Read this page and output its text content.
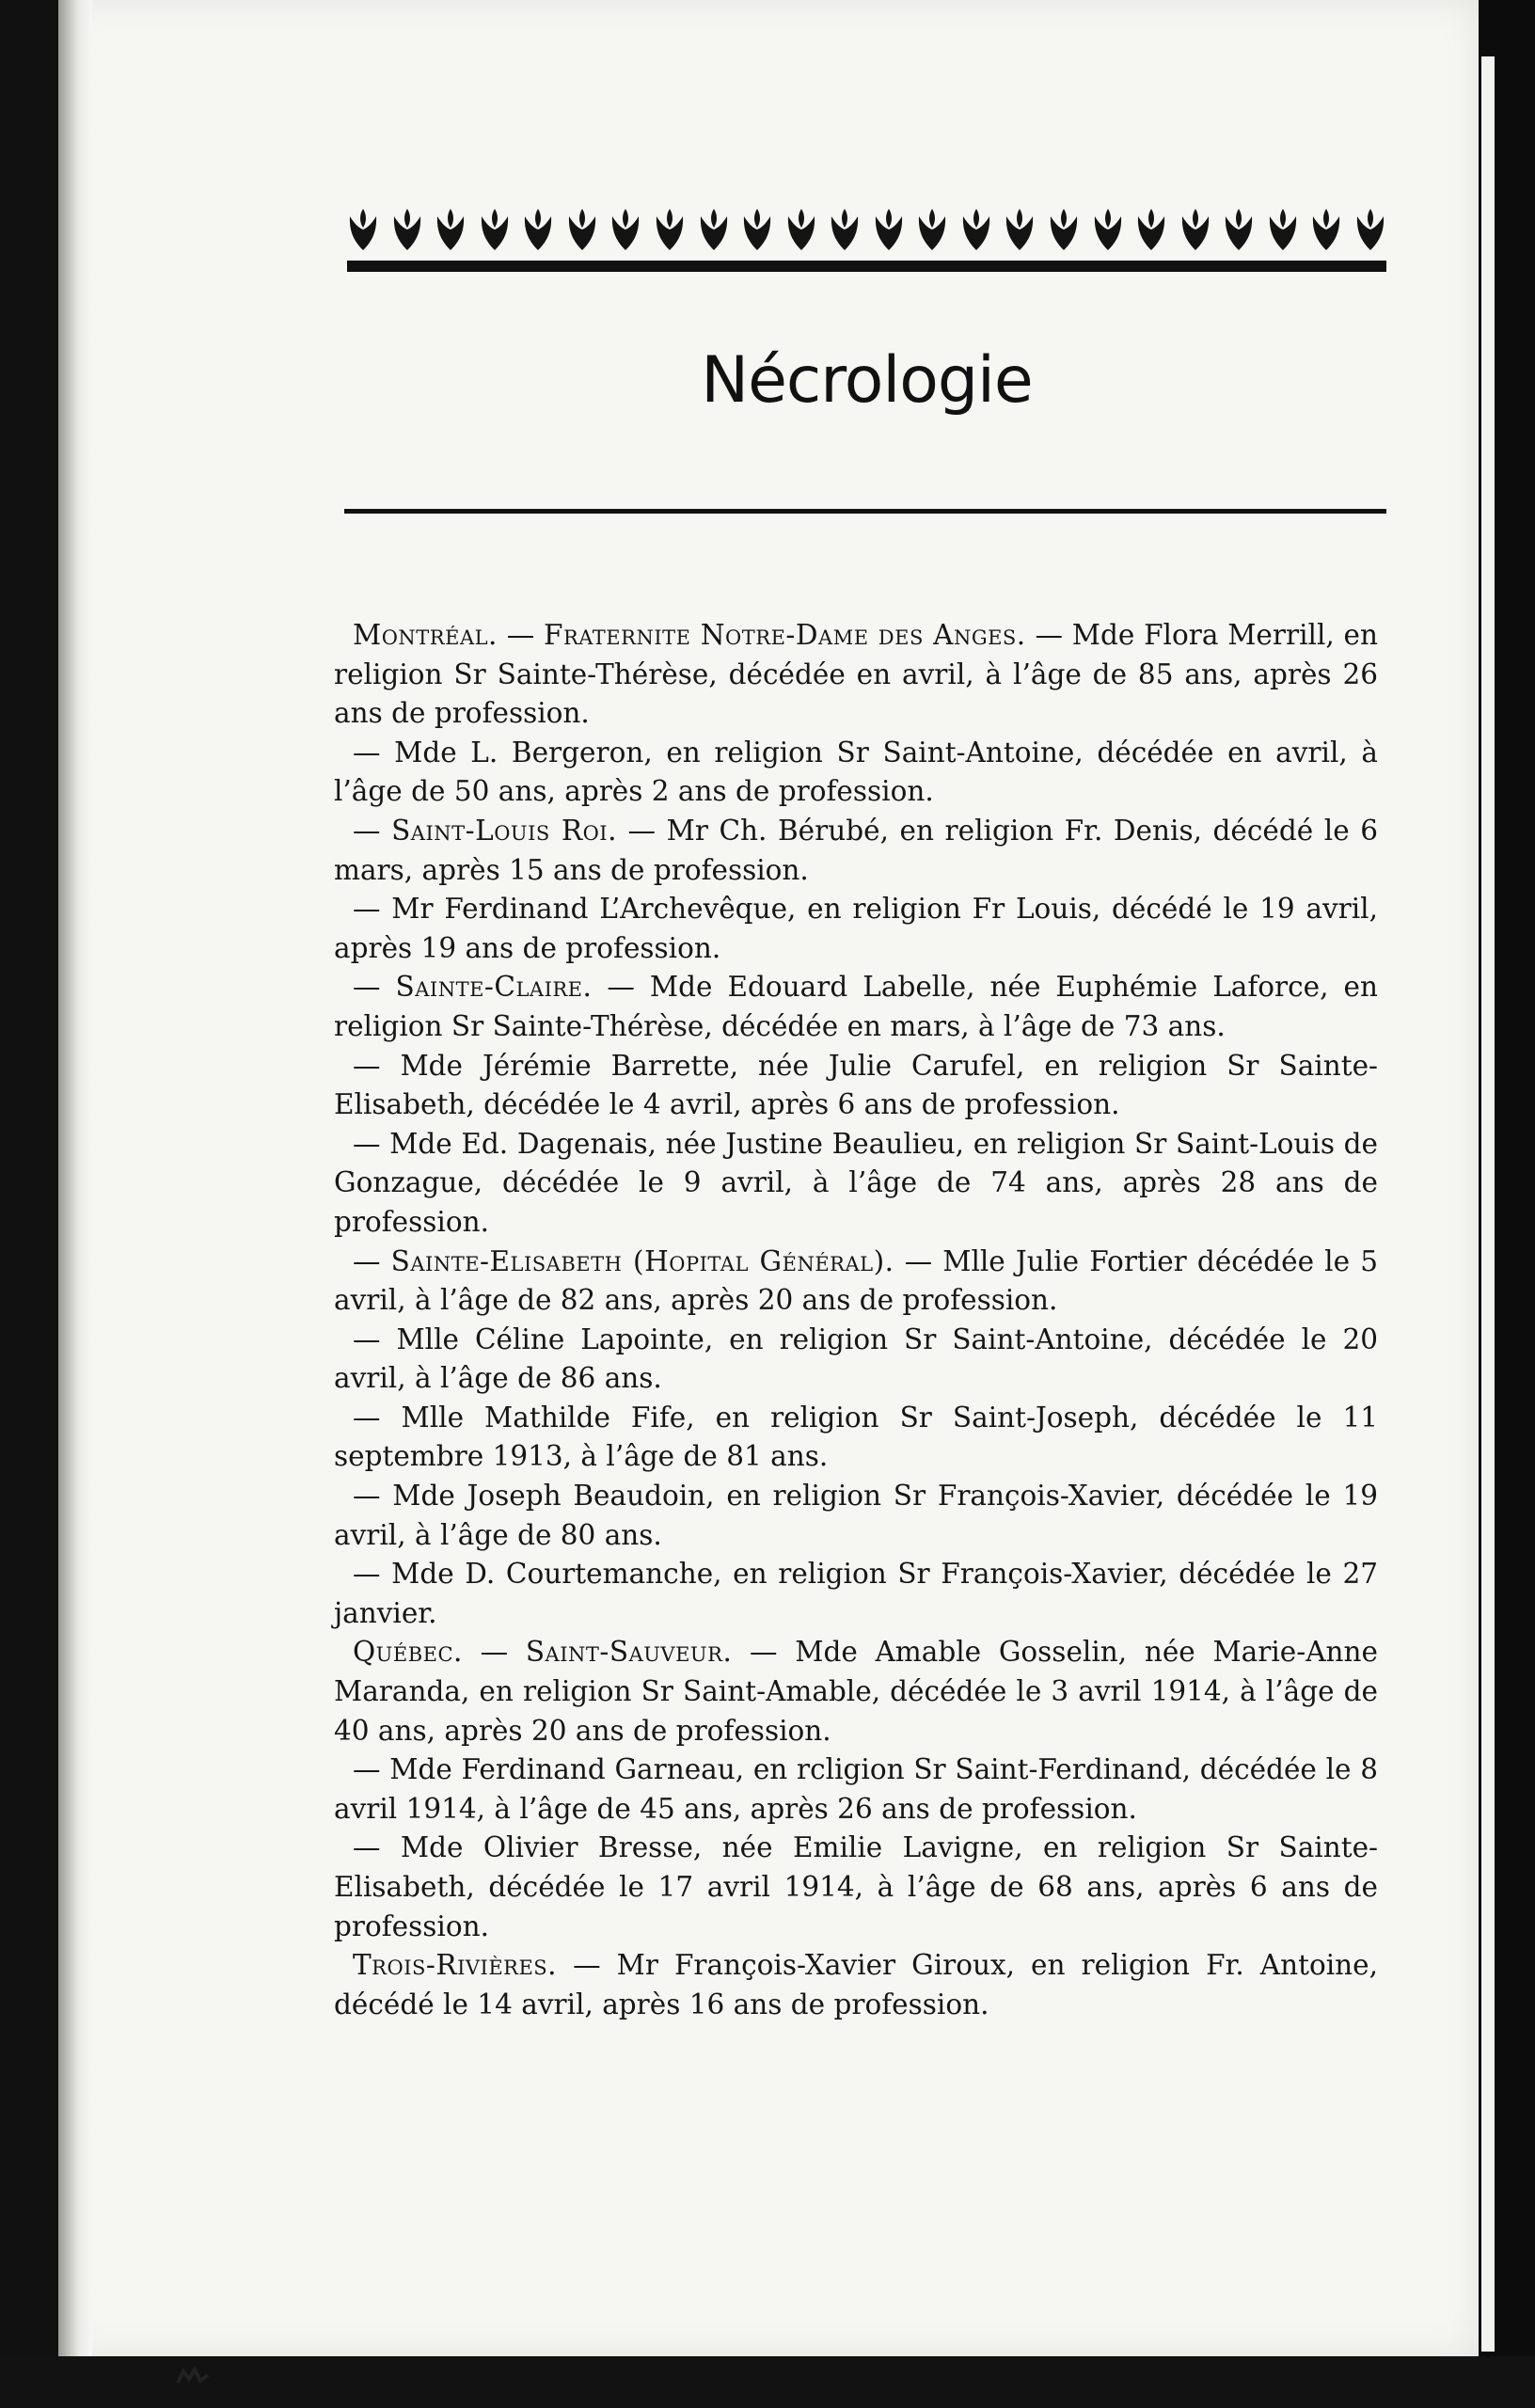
Nécrologie

Montréal. — Fraternite Notre-Dame des Anges. — Mde Flora Merrill, en religion Sr Sainte-Thérèse, décédée en avril, à l’âge de 85 ans, après 26 ans de profession.

— Mde L. Bergeron, en religion Sr Saint-Antoine, décédée en avril, à l’âge de 50 ans, après 2 ans de profession.

— Saint-Louis Roi. — Mr Ch. Bérubé, en religion Fr. Denis, décédé le 6 mars, après 15 ans de profession.

— Mr Ferdinand L’Archevêque, en religion Fr Louis, décédé le 19 avril, après 19 ans de profession.

— Sainte-Claire. — Mde Edouard Labelle, née Euphémie Laforce, en religion Sr Sainte-Thérèse, décédée en mars, à l’âge de 73 ans.

— Mde Jérémie Barrette, née Julie Carufel, en religion Sr Sainte-Elisabeth, décédée le 4 avril, après 6 ans de profession.

— Mde Ed. Dagenais, née Justine Beaulieu, en religion Sr Saint-Louis de Gonzague, décédée le 9 avril, à l’âge de 74 ans, après 28 ans de profession.

— Sainte-Elisabeth (Hopital Général). — Mlle Julie Fortier décédée le 5 avril, à l’âge de 82 ans, après 20 ans de profession.

— Mlle Céline Lapointe, en religion Sr Saint-Antoine, décédée le 20 avril, à l’âge de 86 ans.

— Mlle Mathilde Fife, en religion Sr Saint-Joseph, décédée le 11 septembre 1913, à l’âge de 81 ans.

— Mde Joseph Beaudoin, en religion Sr François-Xavier, décédée le 19 avril, à l’âge de 80 ans.

— Mde D. Courtemanche, en religion Sr François-Xavier, décédée le 27 janvier.

Québec. — Saint-Sauveur. — Mde Amable Gosselin, née Marie-Anne Maranda, en religion Sr Saint-Amable, décédée le 3 avril 1914, à l’âge de 40 ans, après 20 ans de profession.

— Mde Ferdinand Garneau, en rcligion Sr Saint-Ferdinand, décédée le 8 avril 1914, à l’âge de 45 ans, après 26 ans de profession.

— Mde Olivier Bresse, née Emilie Lavigne, en religion Sr Sainte-Elisabeth, décédée le 17 avril 1914, à l’âge de 68 ans, après 6 ans de profession.

Trois-Rivières. — Mr François-Xavier Giroux, en religion Fr. Antoine, décédé le 14 avril, après 16 ans de profession.
